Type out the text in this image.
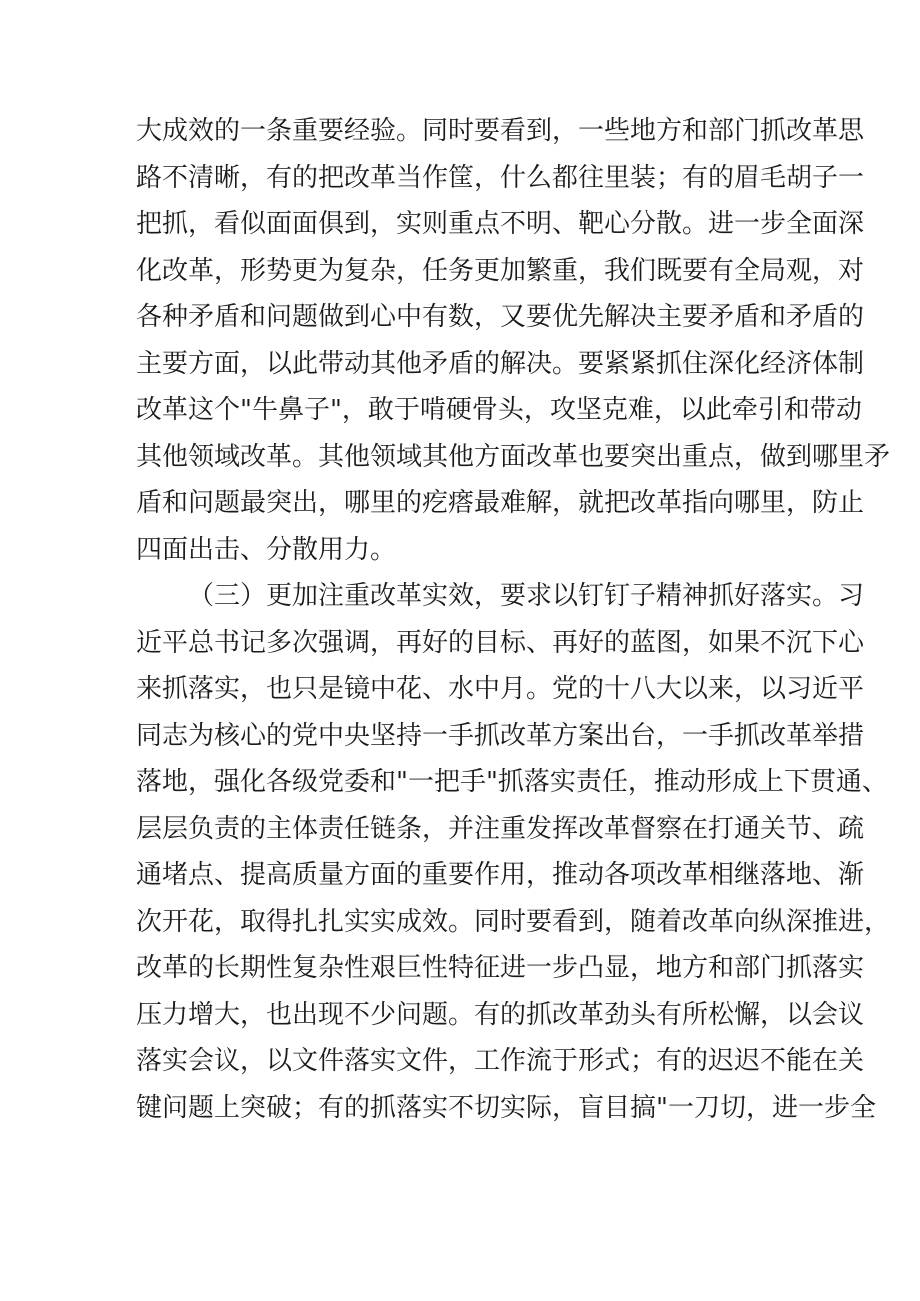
大成效的一条重要经验。同时要看到，一些地方和部门抓改革思
路不清晰，有的把改革当作筐，什么都往里装；有的眉毛胡子一
把抓，看似面面俱到，实则重点不明、靶心分散。进一步全面深
化改革，形势更为复杂，任务更加繁重，我们既要有全局观，对
各种矛盾和问题做到心中有数，又要优先解决主要矛盾和矛盾的
主要方面，以此带动其他矛盾的解决。要紧紧抓住深化经济体制
改革这个"牛鼻子"，敢于啃硬骨头，攻坚克难，以此牵引和带动
其他领域改革。其他领域其他方面改革也要突出重点，做到哪里矛
盾和问题最突出，哪里的疙瘩最难解，就把改革指向哪里，防止
四面出击、分散用力。
（三）更加注重改革实效，要求以钉钉子精神抓好落实。习
近平总书记多次强调，再好的目标、再好的蓝图，如果不沉下心
来抓落实，也只是镜中花、水中月。党的十八大以来，以习近平
同志为核心的党中央坚持一手抓改革方案出台，一手抓改革举措
落地，强化各级党委和"一把手"抓落实责任，推动形成上下贯通、
层层负责的主体责任链条，并注重发挥改革督察在打通关节、疏
通堵点、提高质量方面的重要作用，推动各项改革相继落地、渐
次开花，取得扎扎实实成效。同时要看到，随着改革向纵深推进，
改革的长期性复杂性艰巨性特征进一步凸显，地方和部门抓落实
压力增大，也出现不少问题。有的抓改革劲头有所松懈，以会议
落实会议，以文件落实文件，工作流于形式；有的迟迟不能在关
键问题上突破；有的抓落实不切实际，盲目搞"一刀切，进一步全
